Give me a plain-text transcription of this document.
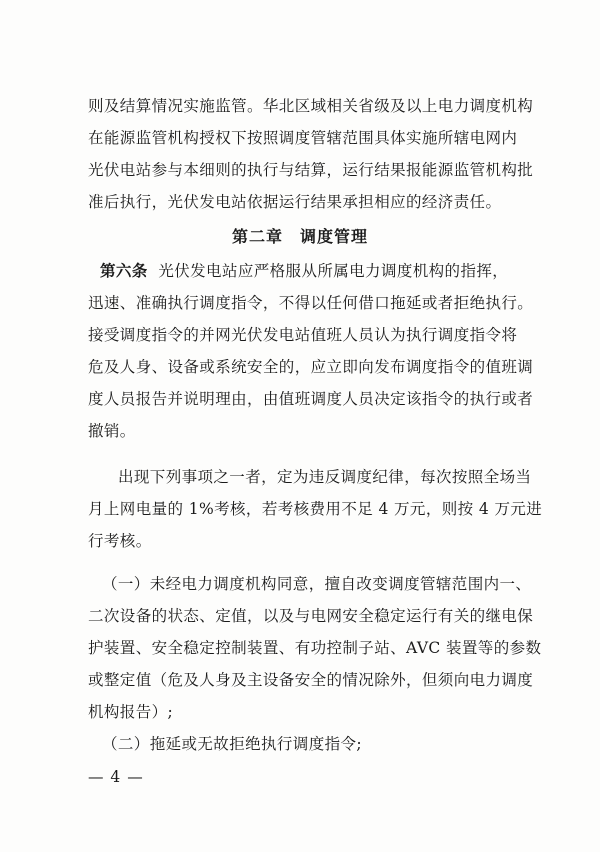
则及结算情况实施监管。华北区域相关省级及以上电力调度机构
在能源监管机构授权下按照调度管辖范围具体实施所辖电网内
光伏电站参与本细则的执行与结算，运行结果报能源监管机构批
准后执行，光伏发电站依据运行结果承担相应的经济责任。
第二章　调度管理
第六条 光伏发电站应严格服从所属电力调度机构的指挥，
迅速、准确执行调度指令，不得以任何借口拖延或者拒绝执行。
接受调度指令的并网光伏发电站值班人员认为执行调度指令将
危及人身、设备或系统安全的，应立即向发布调度指令的值班调
度人员报告并说明理由，由值班调度人员决定该指令的执行或者
撤销。
出现下列事项之一者，定为违反调度纪律，每次按照全场当
月上网电量的 1%考核，若考核费用不足 4 万元，则按 4 万元进
行考核。
（一）未经电力调度机构同意，擅自改变调度管辖范围内一、
二次设备的状态、定值，以及与电网安全稳定运行有关的继电保
护装置、安全稳定控制装置、有功控制子站、AVC 装置等的参数
或整定值（危及人身及主设备安全的情况除外，但须向电力调度
— 4 —
机构报告）;
（二）拖延或无故拒绝执行调度指令;
